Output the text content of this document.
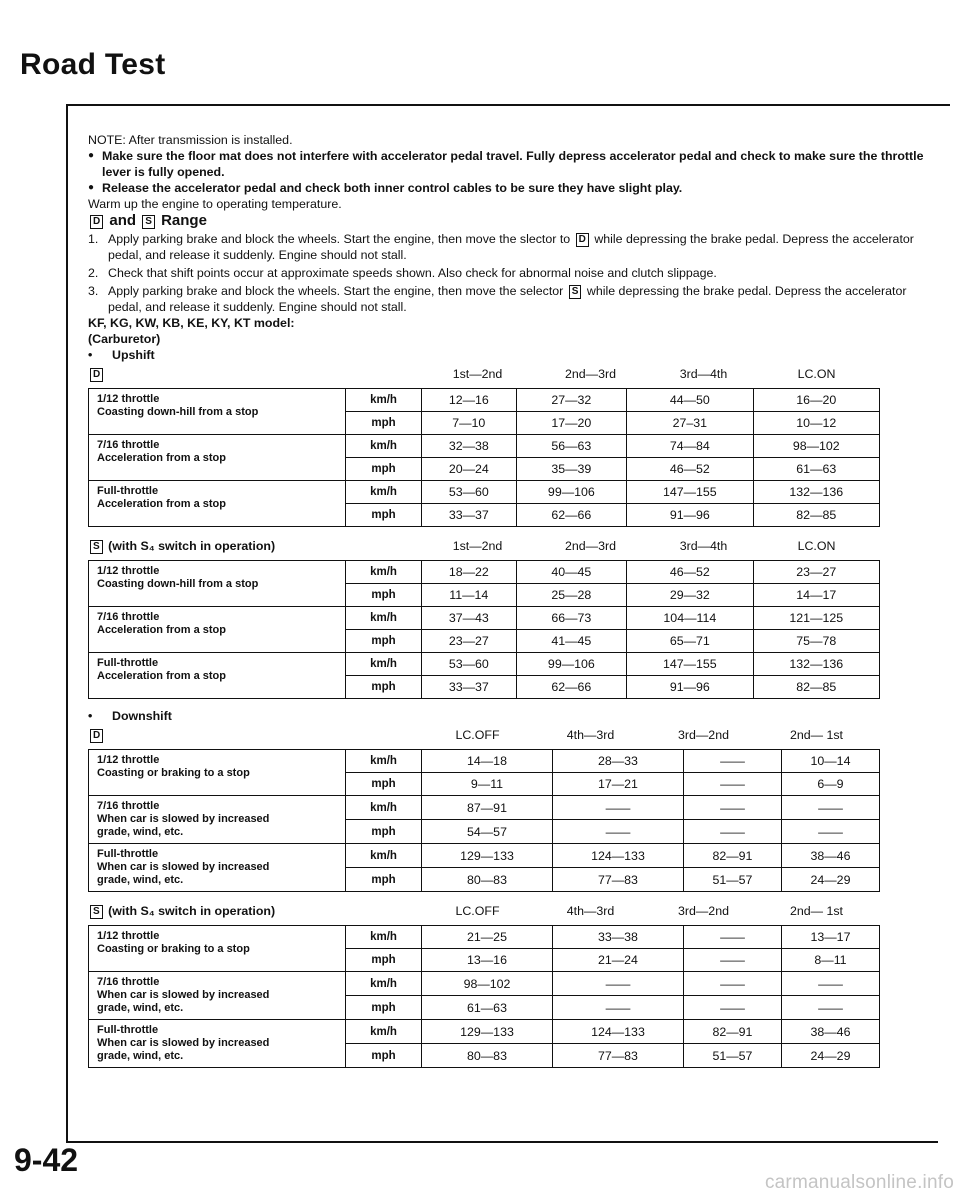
Road Test

NOTE: After transmission is installed.

● Make sure the floor mat does not interfere with accelerator pedal travel. Fully depress accelerator pedal and check to make sure the throttle lever is fully opened.

● Release the accelerator pedal and check both inner control cables to be sure they have slight play.

Warm up the engine to operating temperature.

D and S Range
1. Apply parking brake and block the wheels. Start the engine, then move the slector to D while depressing the brake pedal. Depress the accelerator pedal, and release it suddenly. Engine should not stall.
2. Check that shift points occur at approximate speeds shown. Also check for abnormal noise and clutch slippage.
3. Apply parking brake and block the wheels. Start the engine, then move the selector S while depressing the brake pedal. Depress the accelerator pedal, and release it suddenly. Engine should not stall.

KF, KG, KW, KB, KE, KY, KT model:

(Carburetor)

• Upshift

D	1st—2nd	2nd—3rd	3rd—4th	LC.ON
1/12 throttle
Coasting down-hill from a stop	km/h	12—16	27—32	44—50	16—20
	mph	7—10	17—20	27–31	10—12
7/16 throttle
Acceleration from a stop	km/h	32—38	56—63	74—84	98—102
	mph	20—24	35—39	46—52	61—63
Full-throttle
Acceleration from a stop	km/h	53—60	99—106	147—155	132—136
	mph	33—37	62—66	91—96	82—85
S (with S₄ switch in operation)	1st—2nd	2nd—3rd	3rd—4th	LC.ON
1/12 throttle
Coasting down-hill from a stop	km/h	18—22	40—45	46—52	23—27
	mph	11—14	25—28	29—32	14—17
7/16 throttle
Acceleration from a stop	km/h	37—43	66—73	104—114	121—125
	mph	23—27	41—45	65—71	75—78
Full-throttle
Acceleration from a stop	km/h	53—60	99—106	147—155	132—136
	mph	33—37	62—66	91—96	82—85

• Downshift

D	LC.OFF	4th—3rd	3rd—2nd	2nd— 1st
1/12 throttle
Coasting or braking to a stop	km/h	14—18	28—33	——	10—14
	mph	9—11	17—21	——	6—9
7/16 throttle
When car is slowed by increased
grade, wind, etc.	km/h	87—91	——	——	——
	mph	54—57	——	——	——
Full-throttle
When car is slowed by increased
grade, wind, etc.	km/h	129—133	124—133	82—91	38—46
	mph	80—83	77—83	51—57	24—29
S (with S₄ switch in operation)	LC.OFF	4th—3rd	3rd—2nd	2nd— 1st
1/12 throttle
Coasting or braking to a stop	km/h	21—25	33—38	——	13—17
	mph	13—16	21—24	——	8—11
7/16 throttle
When car is slowed by increased
grade, wind, etc.	km/h	98—102	——	——	——
	mph	61—63	——	——	——
Full-throttle
When car is slowed by increased
grade, wind, etc.	km/h	129—133	124—133	82—91	38—46
	mph	80—83	77—83	51—57	24—29
9-42
carmanualsonline.info
